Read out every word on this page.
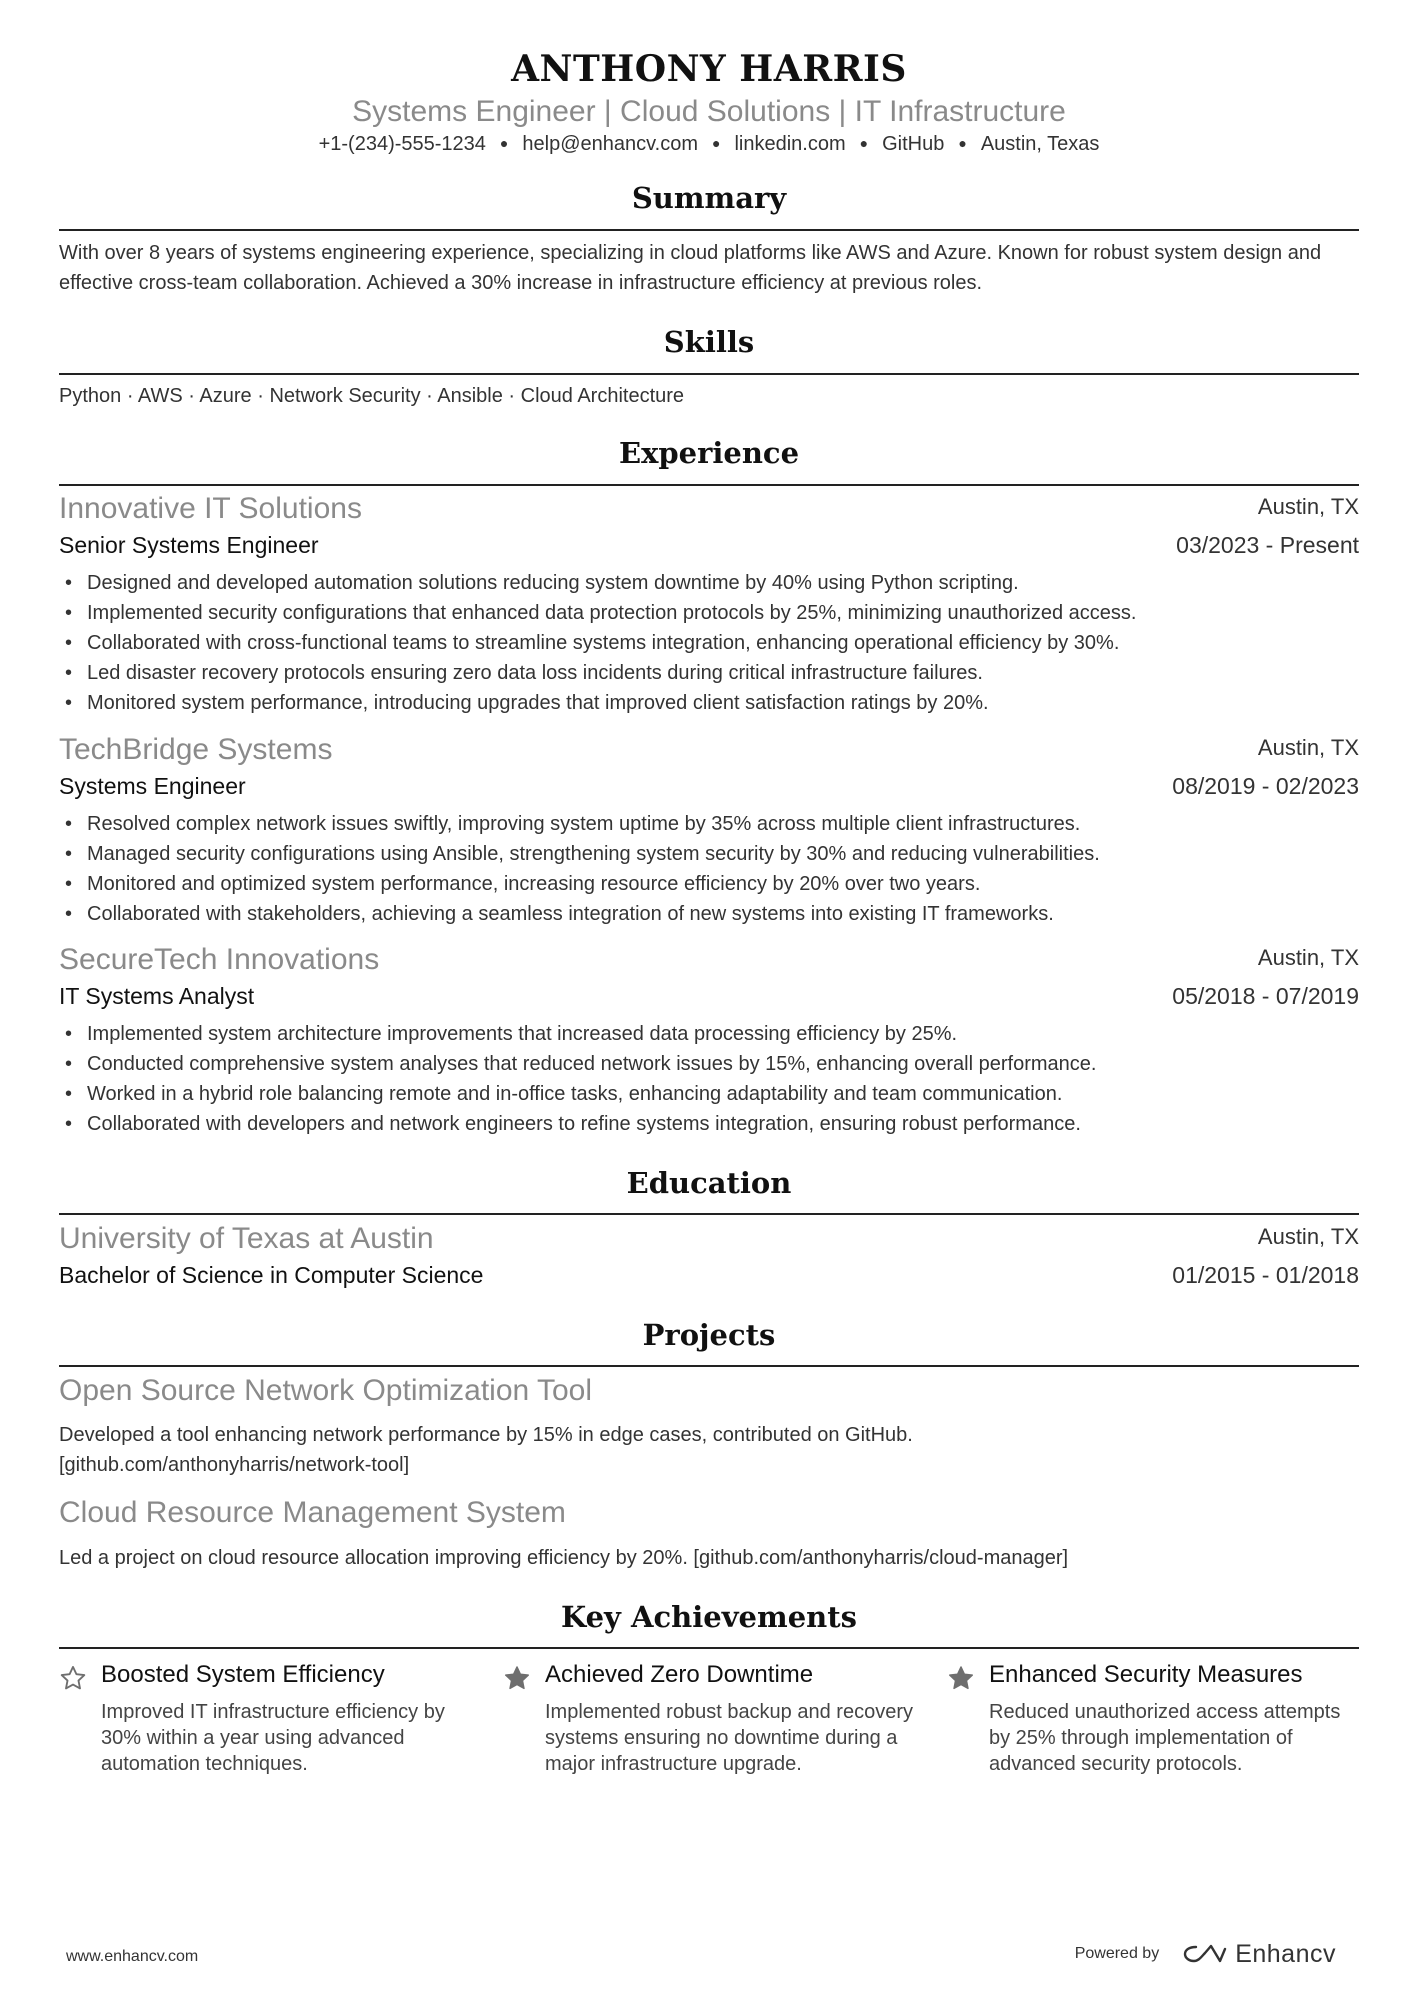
ANTHONY HARRIS
Systems Engineer | Cloud Solutions | IT Infrastructure
+1-(234)-555-1234 ● help@enhancv.com ● linkedin.com ● GitHub ● Austin, Texas
Summary
With over 8 years of systems engineering experience, specializing in cloud platforms like AWS and Azure. Known for robust system design and effective cross-team collaboration. Achieved a 30% increase in infrastructure efficiency at previous roles.
Skills
Python · AWS · Azure · Network Security · Ansible · Cloud Architecture
Experience
Innovative IT Solutions	Austin, TX
Senior Systems Engineer	03/2023 - Present
• Designed and developed automation solutions reducing system downtime by 40% using Python scripting.
• Implemented security configurations that enhanced data protection protocols by 25%, minimizing unauthorized access.
• Collaborated with cross-functional teams to streamline systems integration, enhancing operational efficiency by 30%.
• Led disaster recovery protocols ensuring zero data loss incidents during critical infrastructure failures.
• Monitored system performance, introducing upgrades that improved client satisfaction ratings by 20%.
TechBridge Systems	Austin, TX
Systems Engineer	08/2019 - 02/2023
• Resolved complex network issues swiftly, improving system uptime by 35% across multiple client infrastructures.
• Managed security configurations using Ansible, strengthening system security by 30% and reducing vulnerabilities.
• Monitored and optimized system performance, increasing resource efficiency by 20% over two years.
• Collaborated with stakeholders, achieving a seamless integration of new systems into existing IT frameworks.
SecureTech Innovations	Austin, TX
IT Systems Analyst	05/2018 - 07/2019
• Implemented system architecture improvements that increased data processing efficiency by 25%.
• Conducted comprehensive system analyses that reduced network issues by 15%, enhancing overall performance.
• Worked in a hybrid role balancing remote and in-office tasks, enhancing adaptability and team communication.
• Collaborated with developers and network engineers to refine systems integration, ensuring robust performance.
Education
University of Texas at Austin	Austin, TX
Bachelor of Science in Computer Science	01/2015 - 01/2018
Projects
Open Source Network Optimization Tool
Developed a tool enhancing network performance by 15% in edge cases, contributed on GitHub. [github.com/anthonyharris/network-tool]
Cloud Resource Management System
Led a project on cloud resource allocation improving efficiency by 20%. [github.com/anthonyharris/cloud-manager]
Key Achievements
Boosted System Efficiency
Improved IT infrastructure efficiency by 30% within a year using advanced automation techniques.
Achieved Zero Downtime
Implemented robust backup and recovery systems ensuring no downtime during a major infrastructure upgrade.
Enhanced Security Measures
Reduced unauthorized access attempts by 25% through implementation of advanced security protocols.
www.enhancv.com	Powered by	Enhancv
